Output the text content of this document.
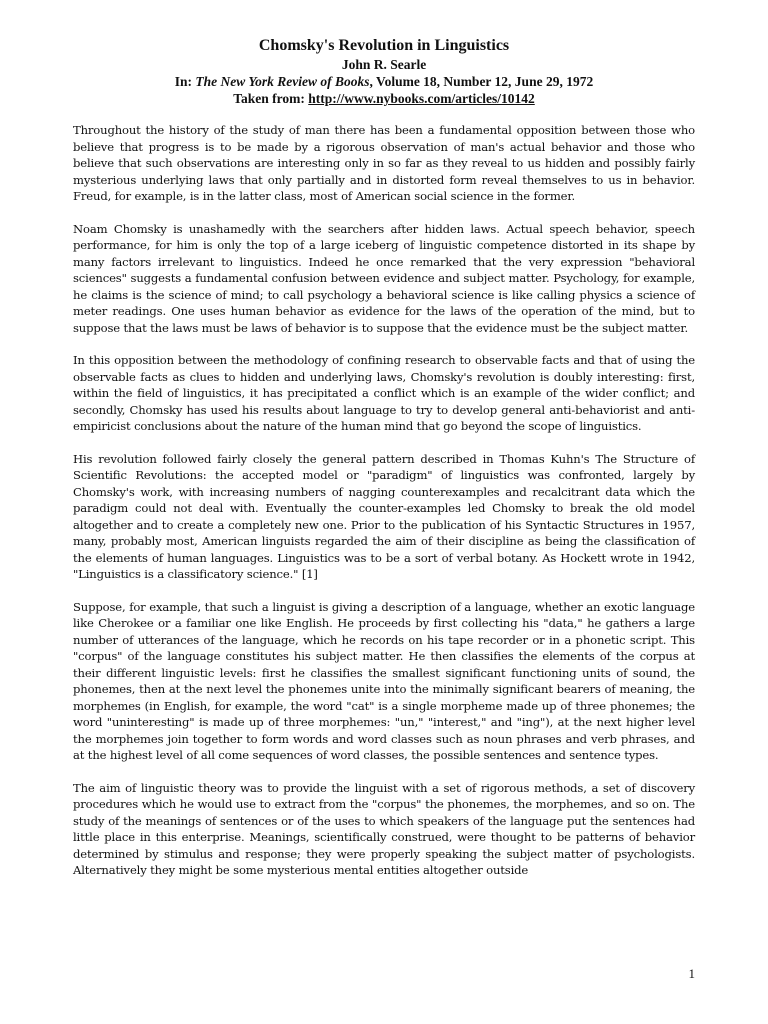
Chomsky's Revolution in Linguistics
John R. Searle
In: The New York Review of Books, Volume 18, Number 12, June 29, 1972
Taken from: http://www.nybooks.com/articles/10142

Throughout the history of the study of man there has been a fundamental opposition between those who believe that progress is to be made by a rigorous observation of man's actual behavior and those who believe that such observations are interesting only in so far as they reveal to us hidden and possibly fairly mysterious underlying laws that only partially and in distorted form reveal themselves to us in behavior. Freud, for example, is in the latter class, most of American social science in the former.

Noam Chomsky is unashamedly with the searchers after hidden laws. Actual speech behavior, speech performance, for him is only the top of a large iceberg of linguistic competence distorted in its shape by many factors irrelevant to linguistics. Indeed he once remarked that the very expression "behavioral sciences" suggests a fundamental confusion between evidence and subject matter. Psychology, for example, he claims is the science of mind; to call psychology a behavioral science is like calling physics a science of meter readings. One uses human behavior as evidence for the laws of the operation of the mind, but to suppose that the laws must be laws of behavior is to suppose that the evidence must be the subject matter.

In this opposition between the methodology of confining research to observable facts and that of using the observable facts as clues to hidden and underlying laws, Chomsky's revolution is doubly interesting: first, within the field of linguistics, it has precipitated a conflict which is an example of the wider conflict; and secondly, Chomsky has used his results about language to try to develop general anti-behaviorist and anti-empiricist conclusions about the nature of the human mind that go beyond the scope of linguistics.

His revolution followed fairly closely the general pattern described in Thomas Kuhn's The Structure of Scientific Revolutions: the accepted model or "paradigm" of linguistics was confronted, largely by Chomsky's work, with increasing numbers of nagging counterexamples and recalcitrant data which the paradigm could not deal with. Eventually the counter-examples led Chomsky to break the old model altogether and to create a completely new one. Prior to the publication of his Syntactic Structures in 1957, many, probably most, American linguists regarded the aim of their discipline as being the classification of the elements of human languages. Linguistics was to be a sort of verbal botany. As Hockett wrote in 1942, "Linguistics is a classificatory science." [1]

Suppose, for example, that such a linguist is giving a description of a language, whether an exotic language like Cherokee or a familiar one like English. He proceeds by first collecting his "data," he gathers a large number of utterances of the language, which he records on his tape recorder or in a phonetic script. This "corpus" of the language constitutes his subject matter. He then classifies the elements of the corpus at their different linguistic levels: first he classifies the smallest significant functioning units of sound, the phonemes, then at the next level the phonemes unite into the minimally significant bearers of meaning, the morphemes (in English, for example, the word "cat" is a single morpheme made up of three phonemes; the word "uninteresting" is made up of three morphemes: "un," "interest," and "ing"), at the next higher level the morphemes join together to form words and word classes such as noun phrases and verb phrases, and at the highest level of all come sequences of word classes, the possible sentences and sentence types.

The aim of linguistic theory was to provide the linguist with a set of rigorous methods, a set of discovery procedures which he would use to extract from the "corpus" the phonemes, the morphemes, and so on. The study of the meanings of sentences or of the uses to which speakers of the language put the sentences had little place in this enterprise. Meanings, scientifically construed, were thought to be patterns of behavior determined by stimulus and response; they were properly speaking the subject matter of psychologists. Alternatively they might be some mysterious mental entities altogether outside

1
